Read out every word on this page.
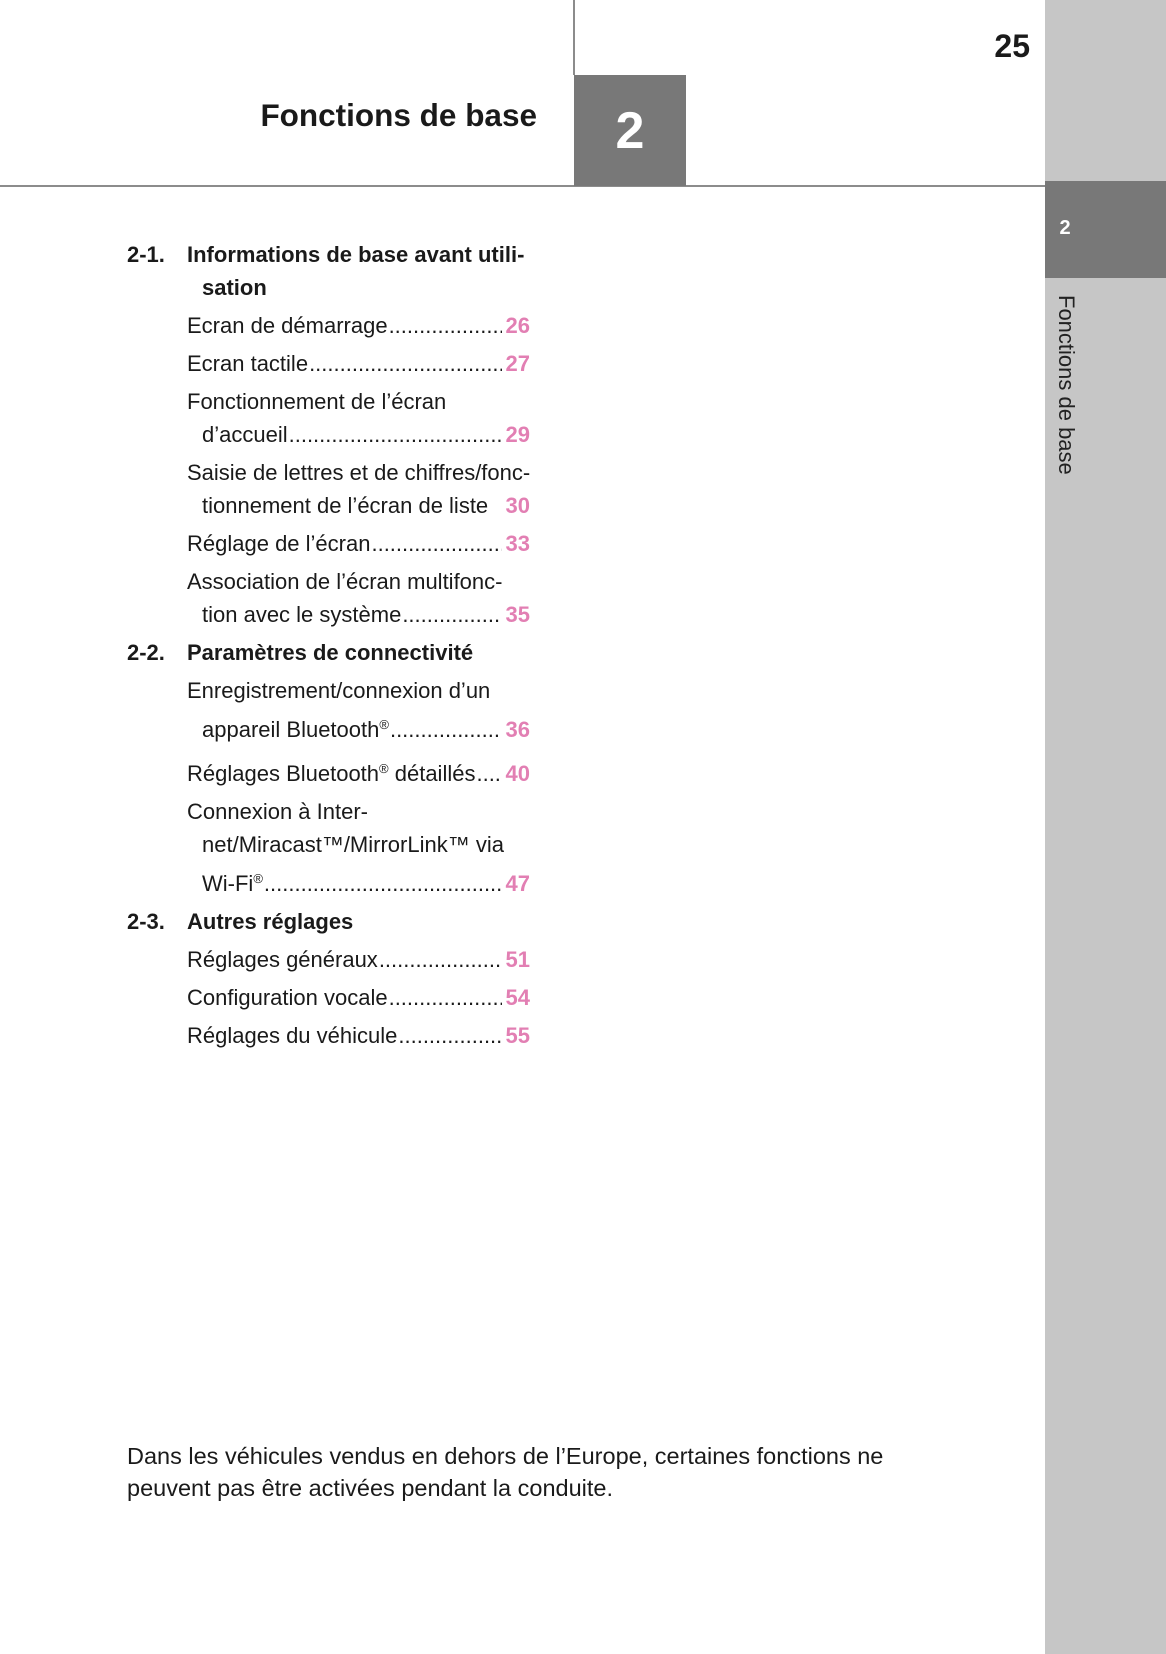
2
Fonctions de base
25
Fonctions de base 2
2-1.	Informations de base avant utili-
sation
Ecran de démarrage .....	26
Ecran tactile .....	27
Fonctionnement de l’écran
d’accueil .....	29
Saisie de lettres et de chiffres/fonc-
tionnement de l’écran de liste 30
Réglage de l’écran .....	33
Association de l’écran multifonc-
tion avec le système .....	35
2-2.	Paramètres de connectivité
Enregistrement/connexion d’un
appareil Bluetooth® .....	36
Réglages Bluetooth® détaillés ..... 40
Connexion à Inter-
net/Miracast™/MirrorLink™ via
Wi-Fi® .....	47
2-3.	Autres réglages
Réglages généraux .....	51
Configuration vocale .....	54
Réglages du véhicule .....	55
Dans les véhicules vendus en dehors de l’Europe, certaines fonctions ne
peuvent pas être activées pendant la conduite.
